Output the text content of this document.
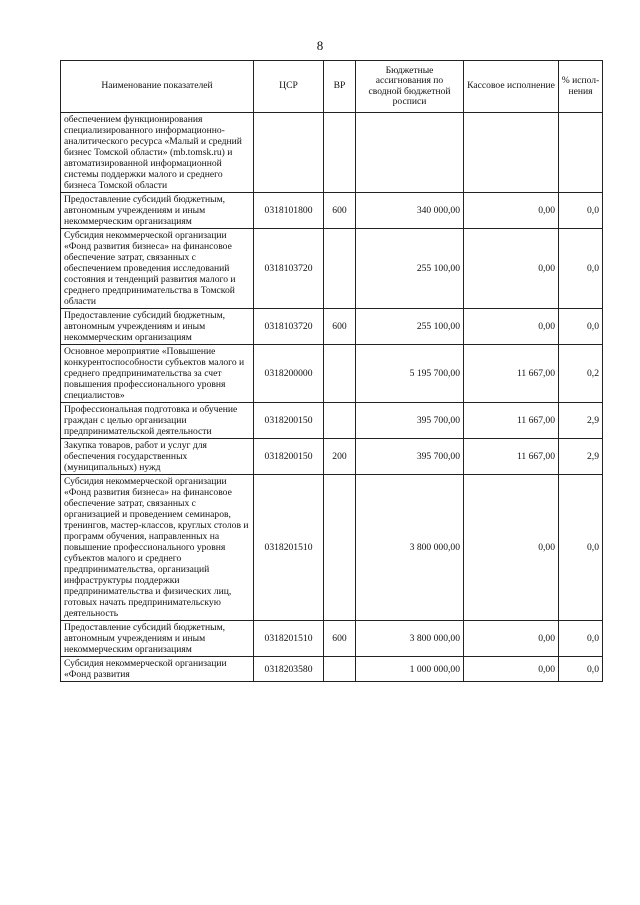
8
Наименование показателей	ЦСР	ВР	Бюджетные ассигнования по сводной бюджетной росписи	Кассовое исполнение	% испол-нения
обеспечением функционирования специализированного информационно-аналитического ресурса «Малый и средний бизнес Томской области» (mb.tomsk.ru) и автоматизированной информационной системы поддержки малого и среднего бизнеса Томской области					
Предоставление субсидий бюджетным, автономным учреждениям и иным некоммерческим организациям	0318101800	600	340 000,00	0,00	0,0
Субсидия некоммерческой организации «Фонд развития бизнеса» на финансовое обеспечение затрат, связанных с обеспечением проведения исследований состояния и тенденций развития малого и среднего предпринимательства в Томской области	0318103720		255 100,00	0,00	0,0
Предоставление субсидий бюджетным, автономным учреждениям и иным некоммерческим организациям	0318103720	600	255 100,00	0,00	0,0
Основное мероприятие «Повышение конкурентоспособности субъектов малого и среднего предпринимательства за счет повышения профессионального уровня специалистов»	0318200000		5 195 700,00	11 667,00	0,2
Профессиональная подготовка и обучение граждан с целью организации предпринимательской деятельности	0318200150		395 700,00	11 667,00	2,9
Закупка товаров, работ и услуг для обеспечения государственных (муниципальных) нужд	0318200150	200	395 700,00	11 667,00	2,9
Субсидия некоммерческой организации «Фонд развития бизнеса» на финансовое обеспечение затрат, связанных с организацией и проведением семинаров, тренингов, мастер-классов, круглых столов и программ обучения, направленных на повышение профессионального уровня субъектов малого и среднего предпринимательства, организаций инфраструктуры поддержки предпринимательства и физических лиц, готовых начать предпринимательскую деятельность	0318201510		3 800 000,00	0,00	0,0
Предоставление субсидий бюджетным, автономным учреждениям и иным некоммерческим организациям	0318201510	600	3 800 000,00	0,00	0,0
Субсидия некоммерческой организации «Фонд развития	0318203580		1 000 000,00	0,00	0,0
